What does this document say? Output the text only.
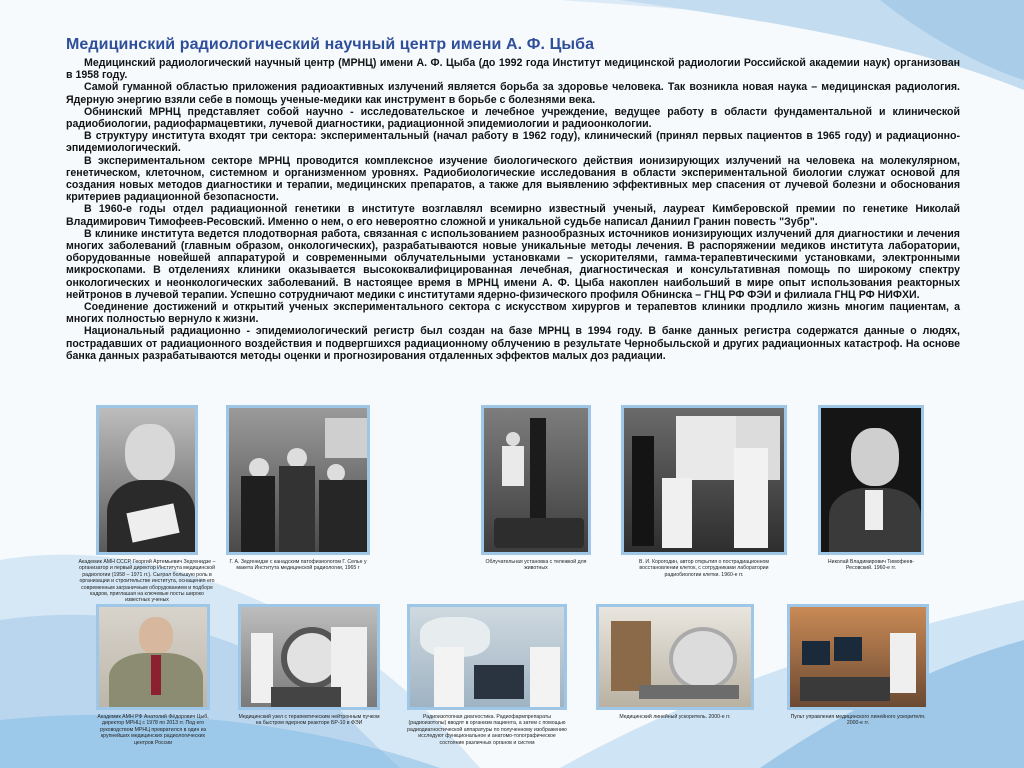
Медицинский радиологический научный центр имени А. Ф. Цыба

Медицинский радиологический научный центр (МРНЦ) имени А. Ф. Цыба (до 1992 года Институт медицинской радиологии Российской академии наук) организован в 1958 году.

Самой гуманной областью приложения радиоактивных излучений является борьба за здоровье человека. Так возникла новая наука – медицинская радиология. Ядерную энергию взяли себе в помощь ученые-медики как инструмент в борьбе с болезнями века.

Обнинский МРНЦ представляет собой научно - исследовательское и лечебное учреждение, ведущее работу в области фундаментальной и клинической радиобиологии, радиофармацевтики, лучевой диагностики, радиационной эпидемиологии и радиоонкологии.

В структуру института входят три сектора: экспериментальный (начал работу в 1962 году), клинический (принял первых пациентов в 1965 году) и радиационно-эпидемиологический.

В экспериментальном секторе МРНЦ проводится комплексное изучение биологического действия ионизирующих излучений на человека на молекулярном, генетическом, клеточном, системном и организменном уровнях. Радиобиологические исследования в области экспериментальной биологии служат основой для создания новых методов диагностики и терапии, медицинских препаратов, а также для выявлению эффективных мер спасения от лучевой болезни и обоснования критериев радиационной безопасности.

В 1960-е годы отдел радиационной генетики в институте возглавлял всемирно известный ученый, лауреат Кимберовской премии по генетике Николай Владимирович Тимофеев-Ресовский. Именно о нем, о его невероятно сложной и уникальной судьбе написал Даниил Гранин повесть "Зубр".

В клинике института ведется плодотворная работа, связанная с использованием разнообразных источников ионизирующих излучений для диагностики и лечения многих заболеваний (главным образом, онкологических), разрабатываются новые уникальные методы лечения. В распоряжении медиков института лаборатории, оборудованные новейшей аппаратурой и современными облучательными установками – ускорителями, гамма-терапевтическими установками, электронными микроскопами. В отделениях клиники оказывается высококвалифицированная лечебная, диагностическая и консультативная помощь по широкому спектру онкологических и неонкологических заболеваний. В настоящее время в МРНЦ имени А. Ф. Цыба накоплен наибольший в мире опыт использования реакторных нейтронов в лучевой терапии. Успешно сотрудничают медики с институтами ядерно-физического профиля Обнинска – ГНЦ РФ ФЭИ и филиала ГНЦ РФ НИФХИ.

Соединение достижений и открытий ученых экспериментального сектора с искусством хирургов и терапевтов клиники продлило жизнь многим пациентам, а многих полностью вернуло к жизни.

Национальный радиационно - эпидемиологический регистр был создан на базе МРНЦ в 1994 году. В банке данных регистра содержатся данные о людях, пострадавших от радиационного воздействия и подвергшихся радиационному облучению в результате Чернобыльской и других радиационных катастроф. На основе банка данных разрабатываются методы оценки и прогнозирования отдаленных эффектов малых доз радиации.

Академик АМН СССР, Георгий Артемьевич Зедгенидзе – организатор и первый директор Института медицинской радиологии (1958 – 1971 гг.). Сыграл большую роль в организации и строительстве института, оснащения его современным заграничным оборудованием и подборе кадров, приглашая на ключевые посты широко известных ученых
Г. А. Зедгенидзе с канадским патофизиологом Г. Селье у макета Института медицинской радиологии, 1965 г
Облучательная установка с тележкой для животных
В. И. Корогодин, автор открытия о пострадиационном восстановлении клеток, с сотрудниками лаборатории радиобиологии клетки. 1960-е гг.
Николай Владимирович Тимофеев-Ресовский. 1960-е гг.
Академик АМН РФ Анатолий Фёдорович Цыб, директор МРНЦ с 1978 по 2013 гг. Под его руководством МРНЦ превратился в один из крупнейших медицинских радиологических центров России
Медицинский узел с терапевтическим нейтронным пучком на быстром ядерном реакторе БР-10 в ФЭИ
Радиоизотопная диагностика. Радиофармпрепараты (радиоизотопы) вводят в организм пациента, а затем с помощью радиодиагностической аппаратуры по полученному изображению исследуют функциональное и анатомо-топографическое состояние различных органов и систем
Медицинский линейный ускоритель. 2000-е гг.	Пульт управления медицинского линейного ускорителя. 2000-е гг.
